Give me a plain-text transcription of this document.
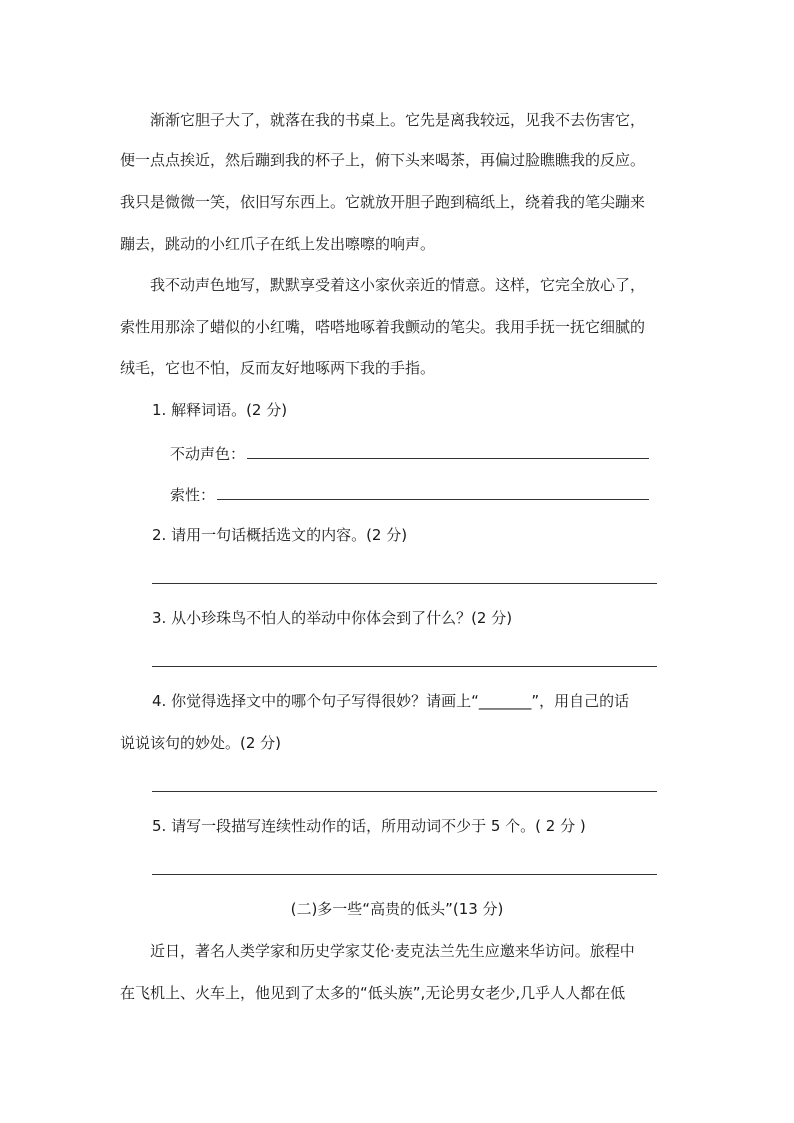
渐渐它胆子大了，就落在我的书桌上。它先是离我较远，见我不去伤害它，
便一点点挨近，然后蹦到我的杯子上，俯下头来喝茶，再偏过脸瞧瞧我的反应。
我只是微微一笑，依旧写东西上。它就放开胆子跑到稿纸上，绕着我的笔尖蹦来
蹦去，跳动的小红爪子在纸上发出嚓嚓的响声。
我不动声色地写，默默享受着这小家伙亲近的情意。这样，它完全放心了，
索性用那涂了蜡似的小红嘴，嗒嗒地啄着我颤动的笔尖。我用手抚一抚它细腻的
绒毛，它也不怕，反而友好地啄两下我的手指。
1. 解释词语。(2 分)
不动声色：
索性：
2. 请用一句话概括选文的内容。(2 分)
3. 从小珍珠鸟不怕人的举动中你体会到了什么？(2 分)
4. 你觉得选择文中的哪个句子写得很妙？请画上“_______”，用自己的话
说说该句的妙处。(2 分)
5. 请写一段描写连续性动作的话，所用动词不少于 5 个。( 2 分 )
(二)多一些“高贵的低头”(13 分)
近日，著名人类学家和历史学家艾伦·麦克法兰先生应邀来华访问。旅程中
在飞机上、火车上，他见到了太多的“低头族”,无论男女老少,几乎人人都在低
